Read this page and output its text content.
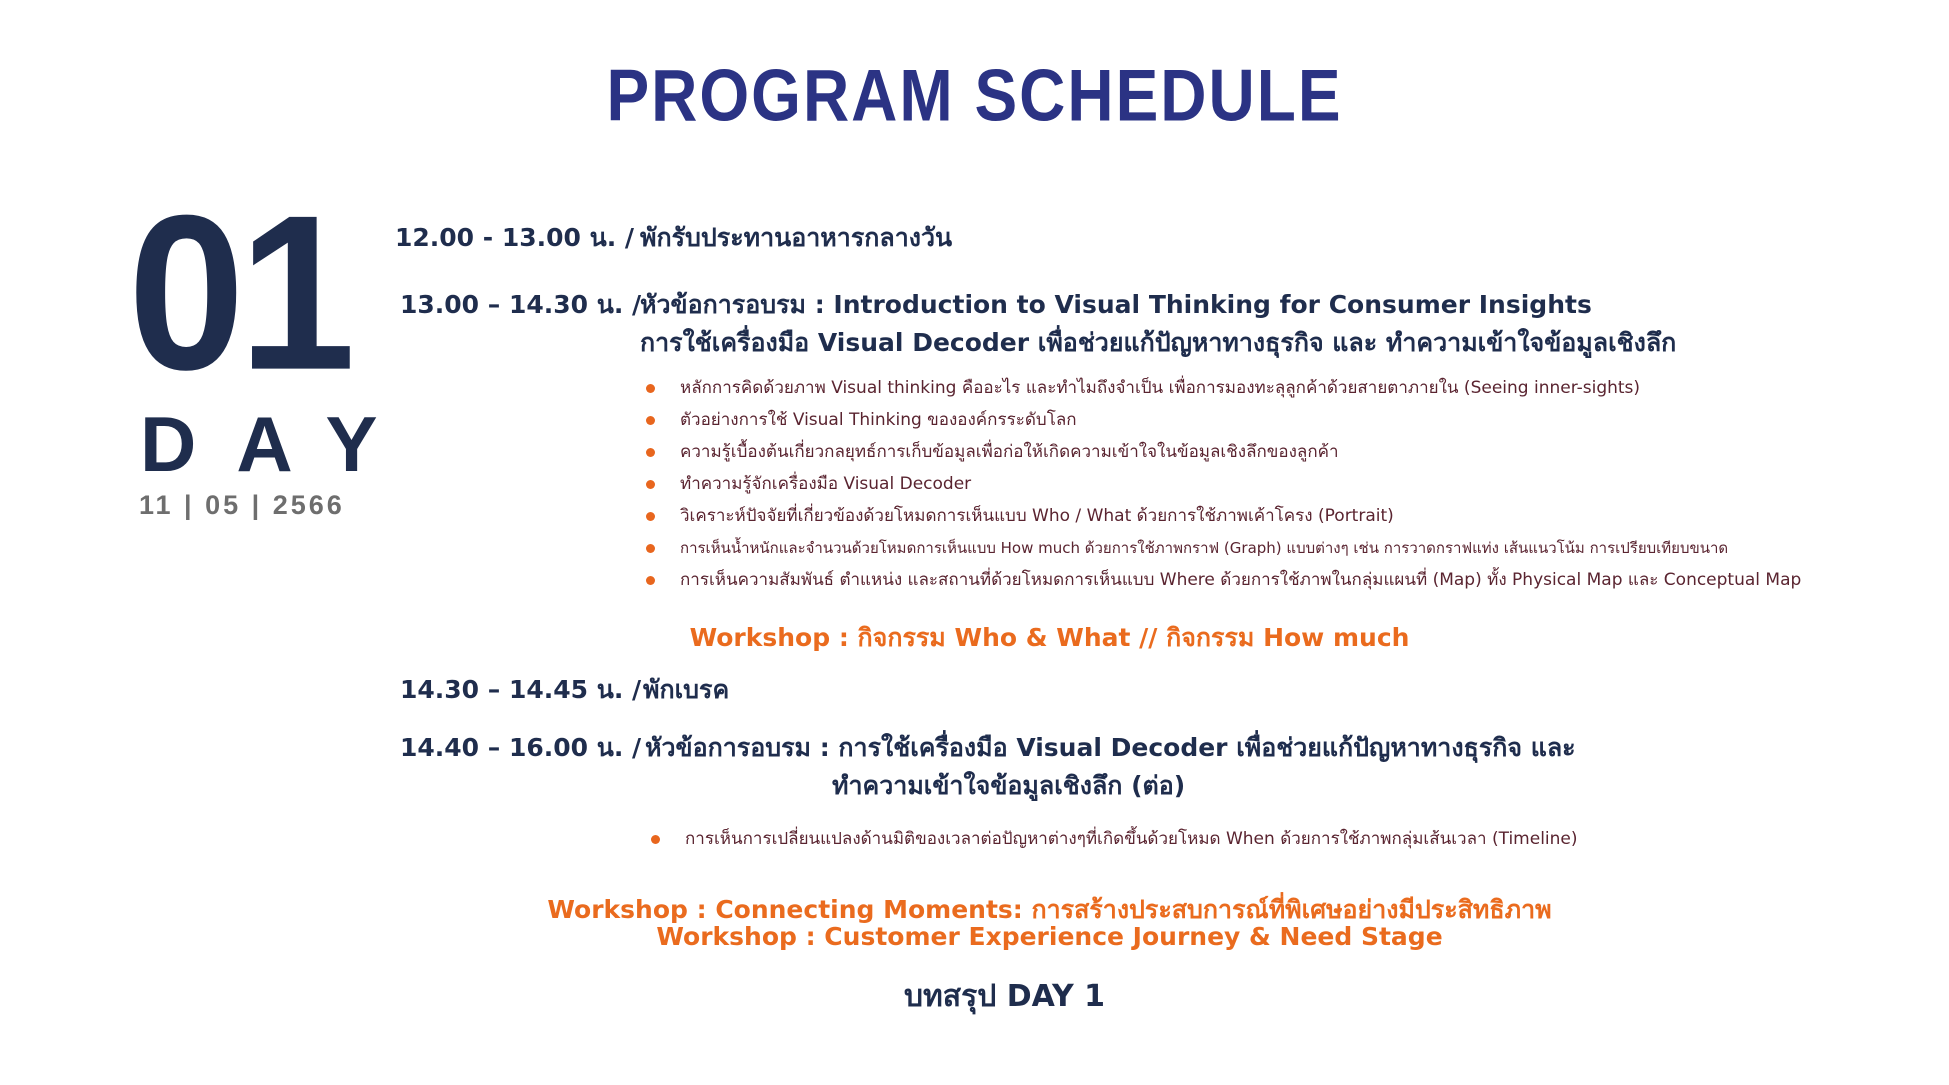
PROGRAM SCHEDULE
01
DAY
11 | 05 | 2566
12.00 - 13.00 น. / พักรับประทานอาหารกลางวัน
13.00 – 14.30 น. /
หัวข้อการอบรม : Introduction to Visual Thinking for Consumer Insights
การใช้เครื่องมือ Visual Decoder เพื่อช่วยแก้ปัญหาทางธุรกิจ และ ทำความเข้าใจข้อมูลเชิงลึก
หลักการคิดด้วยภาพ Visual thinking คืออะไร และทำไมถึงจำเป็น เพื่อการมองทะลุลูกค้าด้วยสายตาภายใน (Seeing inner-sights)
ตัวอย่างการใช้ Visual Thinking ขององค์กรระดับโลก
ความรู้เบื้องต้นเกี่ยวกลยุทธ์การเก็บข้อมูลเพื่อก่อให้เกิดความเข้าใจในข้อมูลเชิงลึกของลูกค้า
ทำความรู้จักเครื่องมือ Visual Decoder
วิเคราะห์ปัจจัยที่เกี่ยวข้องด้วยโหมดการเห็นแบบ Who / What ด้วยการใช้ภาพเค้าโครง (Portrait)
การเห็นน้ำหนักและจำนวนด้วยโหมดการเห็นแบบ How much ด้วยการใช้ภาพกราฟ (Graph) แบบต่างๆ เช่น การวาดกราฟแท่ง เส้นแนวโน้ม การเปรียบเทียบขนาด
การเห็นความสัมพันธ์ ตำแหน่ง และสถานที่ด้วยโหมดการเห็นแบบ Where ด้วยการใช้ภาพในกลุ่มแผนที่ (Map) ทั้ง Physical Map และ Conceptual Map
Workshop : กิจกรรม Who & What // กิจกรรม How much
14.30 – 14.45 น. / พักเบรค
14.40 – 16.00 น. / หัวข้อการอบรม : การใช้เครื่องมือ Visual Decoder เพื่อช่วยแก้ปัญหาทางธุรกิจ และ
ทำความเข้าใจข้อมูลเชิงลึก (ต่อ)
การเห็นการเปลี่ยนแปลงด้านมิติของเวลาต่อปัญหาต่างๆที่เกิดขึ้นด้วยโหมด When ด้วยการใช้ภาพกลุ่มเส้นเวลา (Timeline)
Workshop : Connecting Moments: การสร้างประสบการณ์ที่พิเศษอย่างมีประสิทธิภาพ
Workshop : Customer Experience Journey & Need Stage
บทสรุป DAY 1
